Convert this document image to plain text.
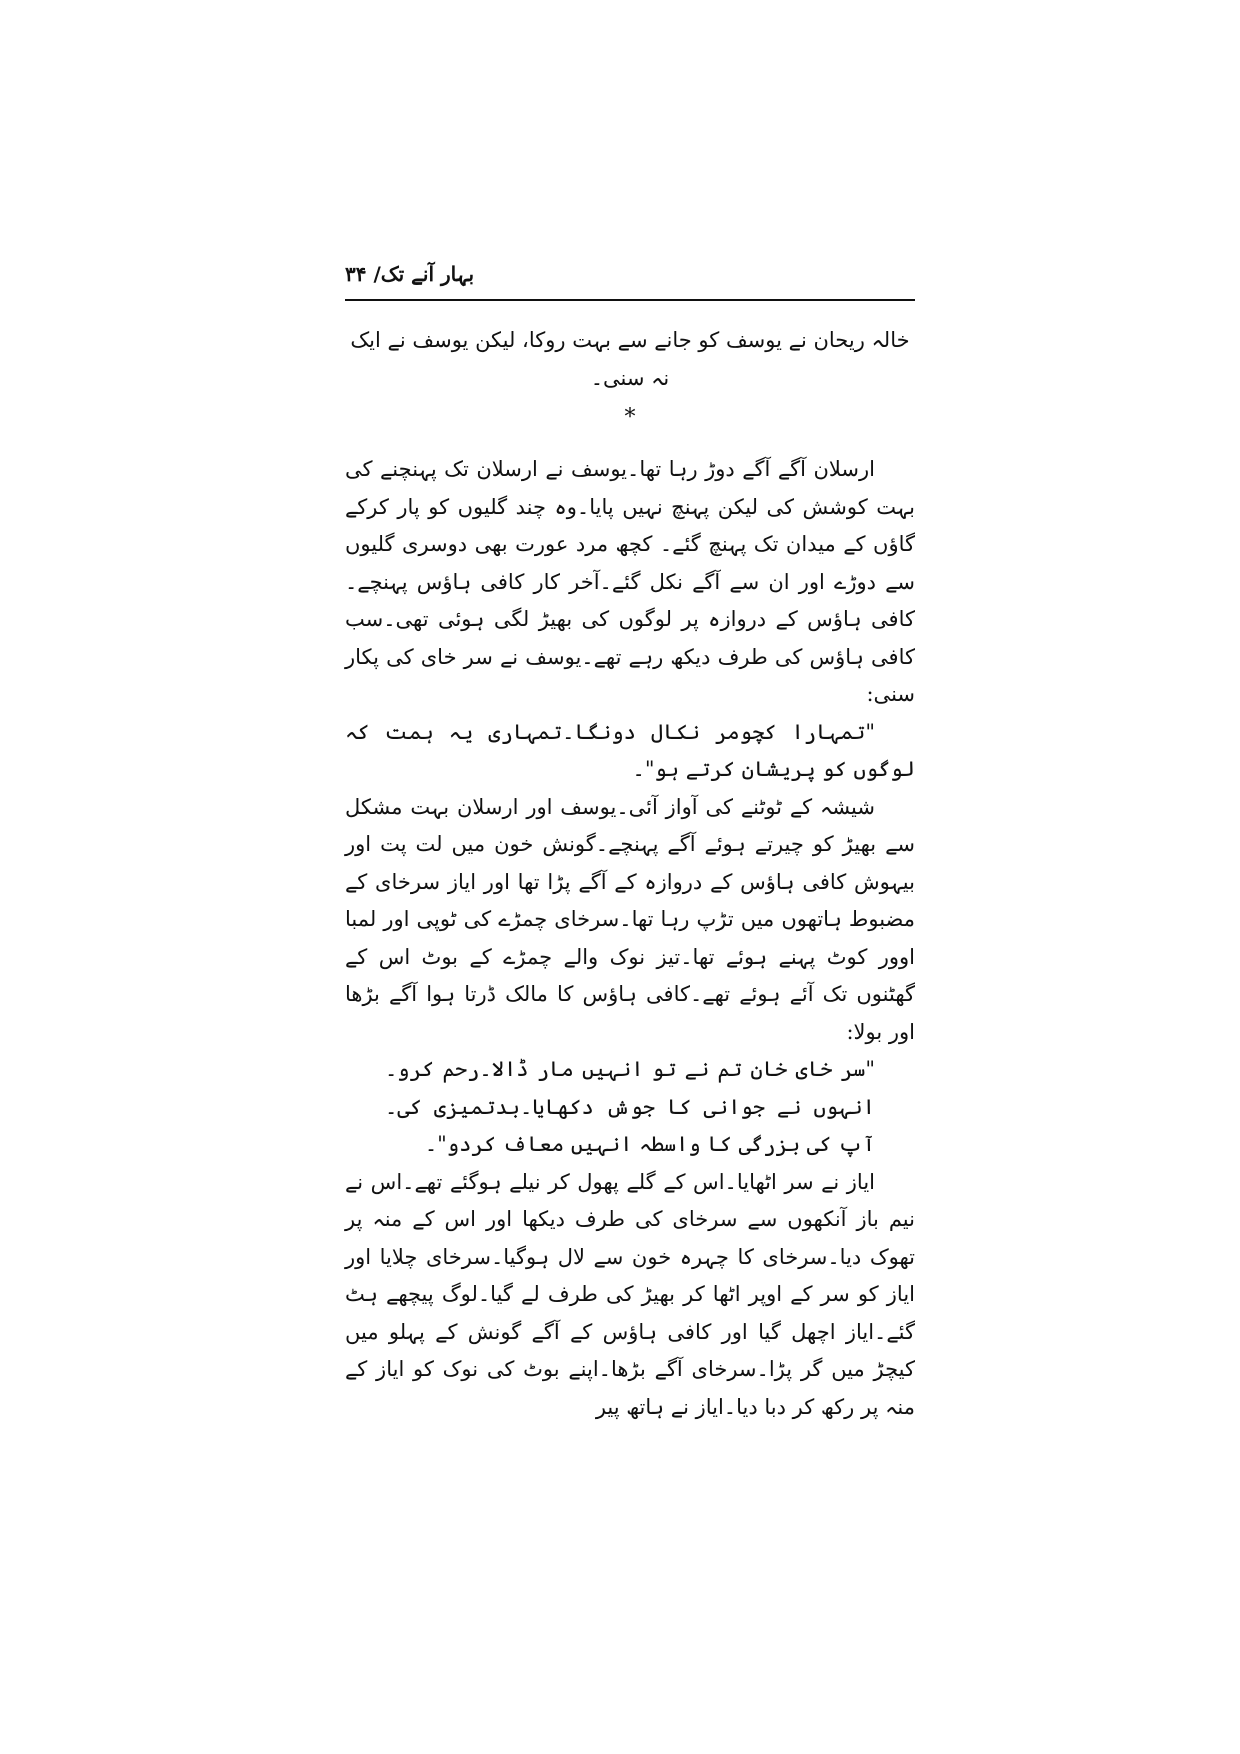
بہار آنے تک/ ۳۴

خالہ ریحان نے یوسف کو جانے سے بہت روکا، لیکن یوسف نے ایک نہ سنی۔

*

ارسلان آگے آگے دوڑ رہا تھا۔یوسف نے ارسلان تک پہنچنے کی بہت کوشش کی لیکن پہنچ نہیں پایا۔وہ چند گلیوں کو پار کرکے گاؤں کے میدان تک پہنچ گئے۔ کچھ مرد عورت بھی دوسری گلیوں سے دوڑے اور ان سے آگے نکل گئے۔آخر کار کافی ہاؤس پہنچے۔کافی ہاؤس کے دروازہ پر لوگوں کی بھیڑ لگی ہوئی تھی۔سب کافی ہاؤس کی طرف دیکھ رہے تھے۔یوسف نے سر خای کی پکار سنی:

"تمہارا کچومر نکال دونگا۔تمہاری یہ ہمت کہ لوگوں کو پریشان کرتے ہو"۔

شیشہ کے ٹوٹنے کی آواز آئی۔یوسف اور ارسلان بہت مشکل سے بھیڑ کو چیرتے ہوئے آگے پہنچے۔گونش خون میں لت پت اور بیہوش کافی ہاؤس کے دروازہ کے آگے پڑا تھا اور ایاز سرخای کے مضبوط ہاتھوں میں تڑپ رہا تھا۔سرخای چمڑے کی ٹوپی اور لمبا اوور کوٹ پہنے ہوئے تھا۔تیز نوک والے چمڑے کے بوٹ اس کے گھٹنوں تک آئے ہوئے تھے۔کافی ہاؤس کا مالک ڈرتا ہوا آگے بڑھا اور بولا:

"سر خای خان تم نے تو انہیں مار ڈالا۔رحم کرو۔انہوں نے جوانی کا جوش دکھایا۔بدتمیزی کی۔آپ کی بزرگی کا واسطہ انہیں معاف کردو"۔

ایاز نے سر اٹھایا۔اس کے گلے پھول کر نیلے ہوگئے تھے۔اس نے نیم باز آنکھوں سے سرخای کی طرف دیکھا اور اس کے منہ پر تھوک دیا۔سرخای کا چہرہ خون سے لال ہوگیا۔سرخای چلایا اور ایاز کو سر کے اوپر اٹھا کر بھیڑ کی طرف لے گیا۔لوگ پیچھے ہٹ گئے۔ایاز اچھل گیا اور کافی ہاؤس کے آگے گونش کے پہلو میں کیچڑ میں گر پڑا۔سرخای آگے بڑھا۔اپنے بوٹ کی نوک کو ایاز کے منہ پر رکھ کر دبا دیا۔ایاز نے ہاتھ پیر
